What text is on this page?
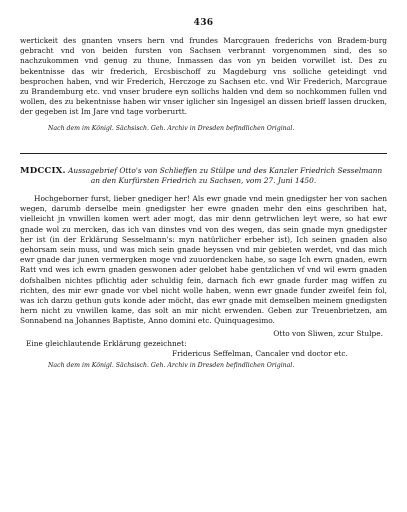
436

wertickeit des gnanten vnsers hern vnd frundes Marcgrauen frederichs von Bradem-burg gebracht vnd von beiden fursten von Sachsen verbrannt vorgenommen sind, des so nachzukommen vnd genug zu thune, Inmassen das von yn beiden vorwillet ist. Des zu bekentnisse das wir frederich, Ercsbischoff zu Magdeburg vns solliche geteidingt vnd besprochen haben, vnd wir Frederich, Herczoge zu Sachsen etc. vnd Wir Frederich, Marcgraue zu Brandemburg etc. vnd vnser brudere eyn sollichs halden vnd dem so nochkommen fullen vnd wollen, des zu bekentnisse haben wir vnser iglicher sin Ingesigel an dissen brieff lassen drucken, der gegeben ist Im Jare vnd tage vorberurtt.

Nach dem im Königl. Sächsisch. Geh. Archiv in Dresden befindlichen Original.
MDCCIX. Aussagebrief Otto's von Schlieffen zu Stülpe und des Kanzler Friedrich Sesselmann
an den Kurfürsten Friedrich zu Sachsen, vom 27. Juni 1450.

Hochgeborner furst, lieber gnediger her! Als ewr gnade vnd mein gnedigster her von sachen wegen, darumb derselbe mein gnedigster her ewre gnaden mehr den eins geschriben hat, vielleicht jn vnwillen komen wert ader mogt, das mir denn getrwlichen leyt were, so hat ewr gnade wol zu mercken, das ich van dinstes vnd von des wegen, das sein gnade myn gnedigster her ist (in der Erklärung Sesselmann's: myn natürlicher erbeher ist), Ich seinen gnaden also gehorsam sein muss, und was mich sein gnade heyssen vnd mir gebieten werdet, vnd das mich ewr gnade dar junen vermergken moge vnd zuuordencken habe, so sage Ich ewrn gnaden, ewrn Ratt vnd wes ich ewrn gnaden geswonen ader gelobet habe gentzlichen vf vnd wil ewrn gnaden dofshalben nichtes pflichtig ader schuldig fein, darnach fich ewr gnade furder mag wiffen zu richten, des mir ewr gnade vor vbel nicht wolle haben, wenn ewr gnade funder zweifel fein fol, was ich darzu gethun guts konde ader möcht, das ewr gnade mit demselben meinem gnedigsten hern nicht zu vnwillen kame, das solt an mir nicht erwenden. Geben zur Treuenbrietzen, am Sonnabend na Johannes Baptiste, Anno domini etc. Quinquagesimo.

Otto von Sliwen, zcur Stulpe.
Eine gleichlautende Erklärung gezeichnet:
Fridericus Seffelman, Cancaler vnd doctor etc.
Nach dem im Königl. Sächsisch. Geh. Archiv in Dresden befindlichen Original.
